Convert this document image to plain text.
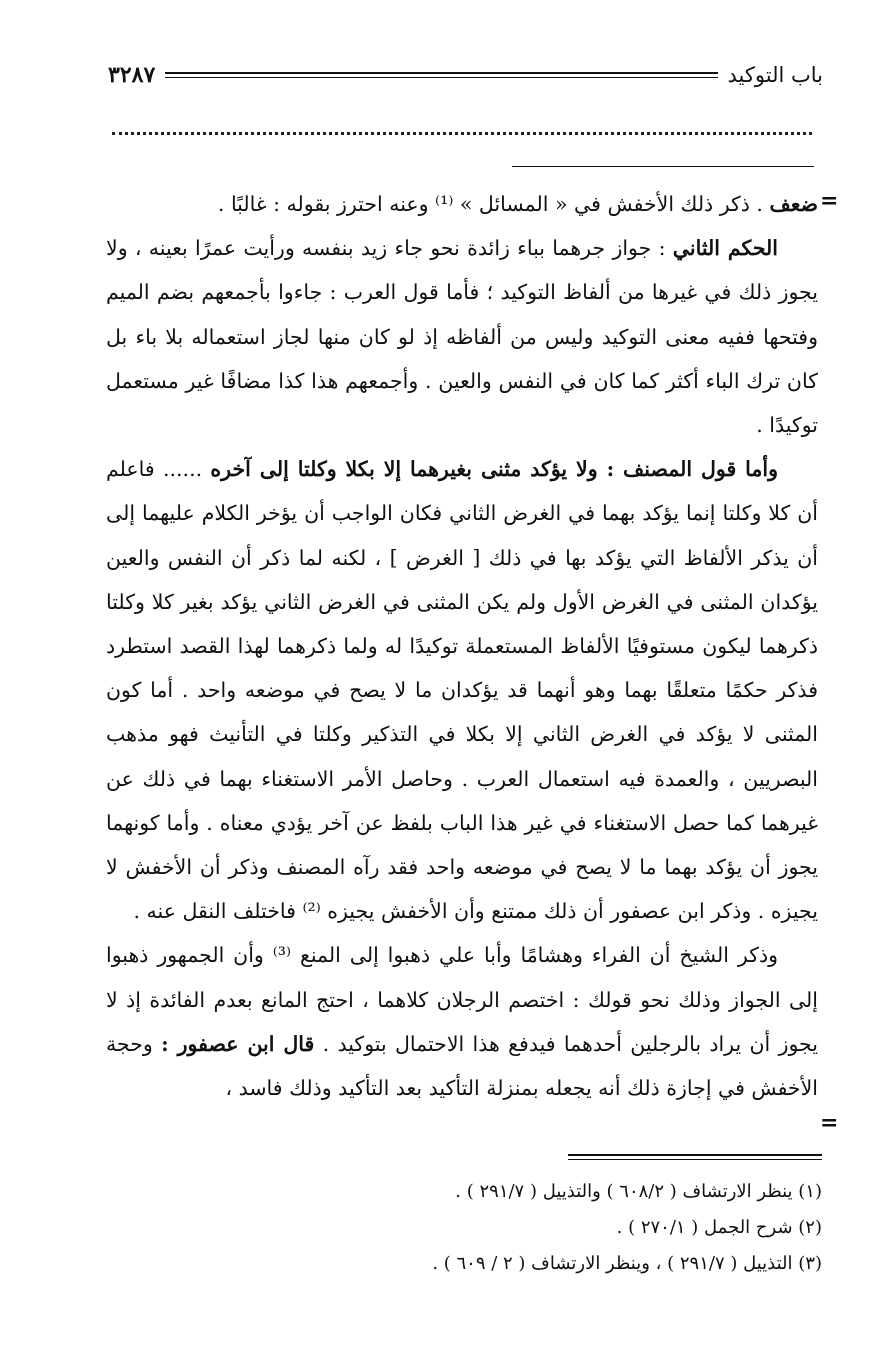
باب التوكيد
٣٢٨٧
=

ضعف . ذكر ذلك الأخفش في « المسائل » ⁽¹⁾ وعنه احترز بقوله : غالبًا .

الحكم الثاني : جواز جرهما بباء زائدة نحو جاء زيد بنفسه ورأيت عمرًا بعينه ، ولا يجوز ذلك في غيرها من ألفاظ التوكيد ؛ فأما قول العرب : جاءوا بأجمعهم بضم الميم وفتحها ففيه معنى التوكيد وليس من ألفاظه إذ لو كان منها لجاز استعماله بلا باء بل كان ترك الباء أكثر كما كان في النفس والعين . وأجمعهم هذا كذا مضافًا غير مستعمل توكيدًا .

وأما قول المصنف : ولا يؤكد مثنى بغيرهما إلا بكلا وكلتا إلى آخره ...... فاعلم أن كلا وكلتا إنما يؤكد بهما في الغرض الثاني فكان الواجب أن يؤخر الكلام عليهما إلى أن يذكر الألفاظ التي يؤكد بها في ذلك [ الغرض ] ، لكنه لما ذكر أن النفس والعين يؤكدان المثنى في الغرض الأول ولم يكن المثنى في الغرض الثاني يؤكد بغير كلا وكلتا ذكرهما ليكون مستوفيًا الألفاظ المستعملة توكيدًا له ولما ذكرهما لهذا القصد استطرد فذكر حكمًا متعلقًا بهما وهو أنهما قد يؤكدان ما لا يصح في موضعه واحد . أما كون المثنى لا يؤكد في الغرض الثاني إلا بكلا في التذكير وكلتا في التأنيث فهو مذهب البصريين ، والعمدة فيه استعمال العرب . وحاصل الأمر الاستغناء بهما في ذلك عن غيرهما كما حصل الاستغناء في غير هذا الباب بلفظ عن آخر يؤدي معناه . وأما كونهما يجوز أن يؤكد بهما ما لا يصح في موضعه واحد فقد رآه المصنف وذكر أن الأخفش لا يجيزه . وذكر ابن عصفور أن ذلك ممتنع وأن الأخفش يجيزه ⁽²⁾ فاختلف النقل عنه .

وذكر الشيخ أن الفراء وهشامًا وأبا علي ذهبوا إلى المنع ⁽³⁾ وأن الجمهور ذهبوا إلى الجواز وذلك نحو قولك : اختصم الرجلان كلاهما ، احتج المانع بعدم الفائدة إذ لا يجوز أن يراد بالرجلين أحدهما فيدفع هذا الاحتمال بتوكيد . قال ابن عصفور : وحجة الأخفش في إجازة ذلك أنه يجعله بمنزلة التأكيد بعد التأكيد وذلك فاسد ،

=
(١) ينظر الارتشاف ( ٦٠٨/٢ ) والتذييل ( ٢٩١/٧ ) .
(٢) شرح الجمل ( ٢٧٠/١ ) .
(٣) التذييل ( ٢٩١/٧ ) ، وينظر الارتشاف ( ٢ / ٦٠٩ ) .
